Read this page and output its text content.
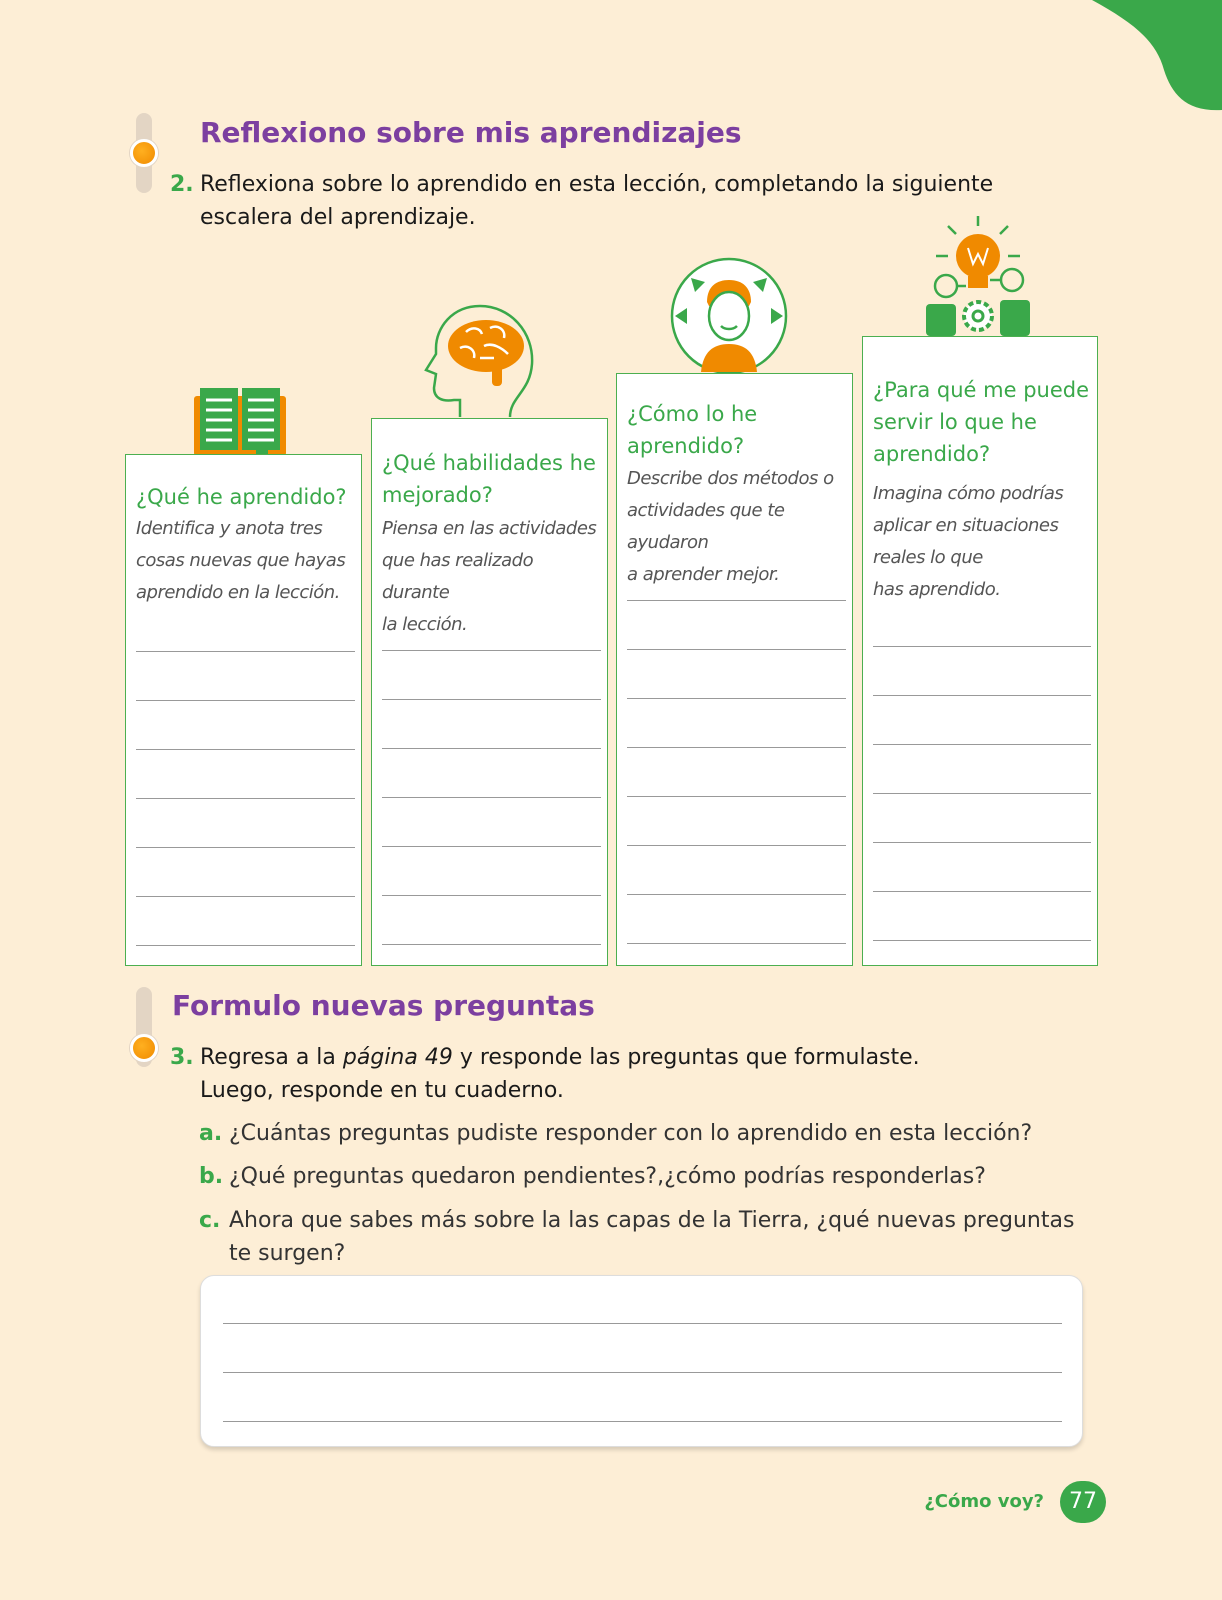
Reflexiono sobre mis aprendizajes
2. Reflexiona sobre lo aprendido en esta lección, completando la siguiente
escalera del aprendizaje.
¿Qué he aprendido?
Identifica y anota tres
cosas nuevas que hayas
aprendido en la lección.
¿Qué habilidades he
mejorado?
Piensa en las actividades
que has realizado durante
la lección.
¿Cómo lo he
aprendido?
Describe dos métodos o
actividades que te ayudaron
a aprender mejor.
¿Para qué me puede
servir lo que he
aprendido?
Imagina cómo podrías
aplicar en situaciones
reales lo que
has aprendido.
Formulo nuevas preguntas
3. Regresa a la página 49 y responde las preguntas que formulaste.
Luego, responde en tu cuaderno.
a. ¿Cuántas preguntas pudiste responder con lo aprendido en esta lección?
b. ¿Qué preguntas quedaron pendientes?,¿cómo podrías responderlas?
c. Ahora que sabes más sobre la las capas de la Tierra, ¿qué nuevas preguntas
te surgen?
¿Cómo voy?	77
